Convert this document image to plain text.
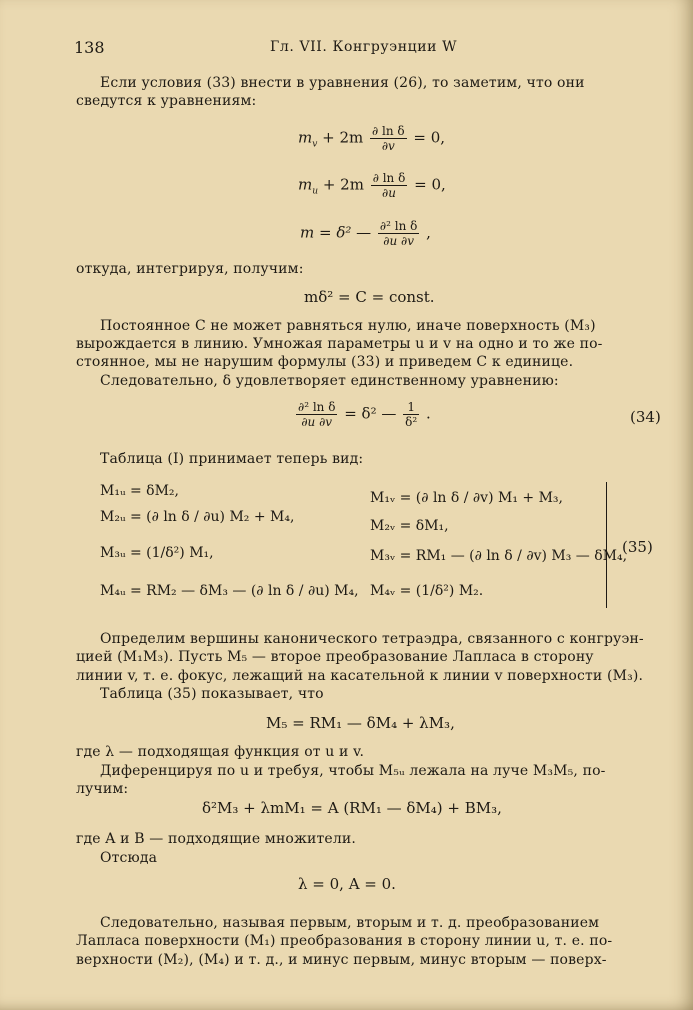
138	Гл. VII. Конгруэнции W
Если условия (33) внести в уравнения (26), то заметим, что они
сведутся к уравнениям:
$m_v + 2m \frac{\text{∂ ln δ}}{\partial v} = 0$,
$m_u + 2m \frac{\text{∂ ln δ}}{\partial u} = 0$,
m = δ² — $\frac{\text{∂² ln δ}}{\partial u \partial v}$ ,
откуда, интегрируя, получим:
mδ² = C = const.
Постоянное C не может равняться нулю, иначе поверхность (M₃)
вырождается в линию. Умножая параметры u и v на одно и то же по-
стоянное, мы не нарушим формулы (33) и приведем C к единице.
Следовательно, δ удовлетворяет единственному уравнению:
$\frac{\text{∂² ln δ}}{\partial u \partial v} = \delta^2$ — $\frac{1}{\text{δ²}}$ .	(34)
Таблица (I) принимает теперь вид:
M₁ᵤ = δM₂,
M₂ᵤ = (∂ ln δ / ∂u) M₂ + M₄,
M₃ᵤ = (1/δ²) M₁,
M₄ᵤ = RM₂ — δM₃ — (∂ ln δ / ∂u) M₄,
M₁ᵥ = (∂ ln δ / ∂v) M₁ + M₃,
M₂ᵥ = δM₁,
M₃ᵥ = RM₁ — (∂ ln δ / ∂v) M₃ — δM₄,
M₄ᵥ = (1/δ²) M₂.
(35)
Определим вершины канонического тетраэдра, связанного с конгруэн-
цией (M₁M₃). Пусть M₅ — второе преобразование Лапласа в сторону
линии v, т. е. фокус, лежащий на касательной к линии v поверхности (M₃).
Таблица (35) показывает, что
M₅ = RM₁ — δM₄ + λM₃,
где λ — подходящая функция от u и v.
Диференцируя по u и требуя, чтобы M₅ᵤ лежала на луче M₃M₅, по-
лучим:
δ²M₃ + λmM₁ = A (RM₁ — δM₄) + BM₃,
где A и B — подходящие множители.
Отсюда
λ = 0, A = 0.
Следовательно, называя первым, вторым и т. д. преобразованием
Лапласа поверхности (M₁) преобразования в сторону линии u, т. е. по-
верхности (M₂), (M₄) и т. д., и минус первым, минус вторым — поверх-
